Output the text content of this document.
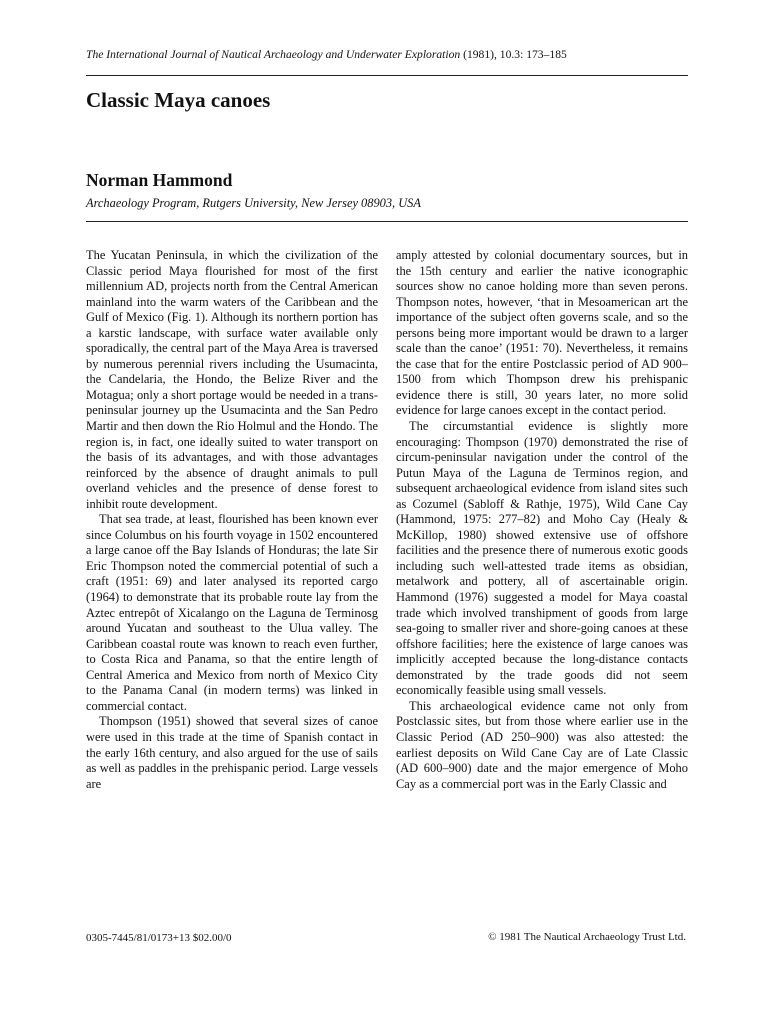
The International Journal of Nautical Archaeology and Underwater Exploration (1981), 10.3: 173–185
Classic Maya canoes
Norman Hammond
Archaeology Program, Rutgers University, New Jersey 08903, USA

The Yucatan Peninsula, in which the civilization of the Classic period Maya flourished for most of the first millennium AD, projects north from the Central American mainland into the warm waters of the Caribbean and the Gulf of Mexico (Fig. 1). Although its northern portion has a karstic landscape, with surface water available only sporadically, the central part of the Maya Area is traversed by numerous perennial rivers including the Usumacinta, the Candelaria, the Hondo, the Belize River and the Motagua; only a short portage would be needed in a trans-peninsular journey up the Usumacinta and the San Pedro Martir and then down the Rio Holmul and the Hondo. The region is, in fact, one ideally suited to water transport on the basis of its advantages, and with those advantages reinforced by the absence of draught animals to pull overland vehicles and the presence of dense forest to inhibit route development.

That sea trade, at least, flourished has been known ever since Columbus on his fourth voyage in 1502 encountered a large canoe off the Bay Islands of Honduras; the late Sir Eric Thompson noted the commercial potential of such a craft (1951: 69) and later analysed its reported cargo (1964) to demonstrate that its probable route lay from the Aztec entrepôt of Xicalango on the Laguna de Terminosg around Yucatan and southeast to the Ulua valley. The Caribbean coastal route was known to reach even further, to Costa Rica and Panama, so that the entire length of Central America and Mexico from north of Mexico City to the Panama Canal (in modern terms) was linked in commercial contact.

Thompson (1951) showed that several sizes of canoe were used in this trade at the time of Spanish contact in the early 16th century, and also argued for the use of sails as well as paddles in the prehispanic period. Large vessels are

amply attested by colonial documentary sources, but in the 15th century and earlier the native iconographic sources show no canoe holding more than seven perons. Thompson notes, however, ‘that in Mesoamerican art the importance of the subject often governs scale, and so the persons being more important would be drawn to a larger scale than the canoe’ (1951: 70). Nevertheless, it remains the case that for the entire Postclassic period of AD 900–1500 from which Thompson drew his prehispanic evidence there is still, 30 years later, no more solid evidence for large canoes except in the contact period.

The circumstantial evidence is slightly more encouraging: Thompson (1970) demonstrated the rise of circum-peninsular navigation under the control of the Putun Maya of the Laguna de Terminos region, and subsequent archaeological evidence from island sites such as Cozumel (Sabloff & Rathje, 1975), Wild Cane Cay (Hammond, 1975: 277–82) and Moho Cay (Healy & McKillop, 1980) showed extensive use of offshore facilities and the presence there of numerous exotic goods including such well-attested trade items as obsidian, metalwork and pottery, all of ascertainable origin. Hammond (1976) suggested a model for Maya coastal trade which involved transhipment of goods from large sea-going to smaller river and shore-going canoes at these offshore facilities; here the existence of large canoes was implicitly accepted because the long-distance contacts demonstrated by the trade goods did not seem economically feasible using small vessels.

This archaeological evidence came not only from Postclassic sites, but from those where earlier use in the Classic Period (AD 250–900) was also attested: the earliest deposits on Wild Cane Cay are of Late Classic (AD 600–900) date and the major emergence of Moho Cay as a commercial port was in the Early Classic and

0305-7445/81/0173+13 $02.00/0	© 1981 The Nautical Archaeology Trust Ltd.
